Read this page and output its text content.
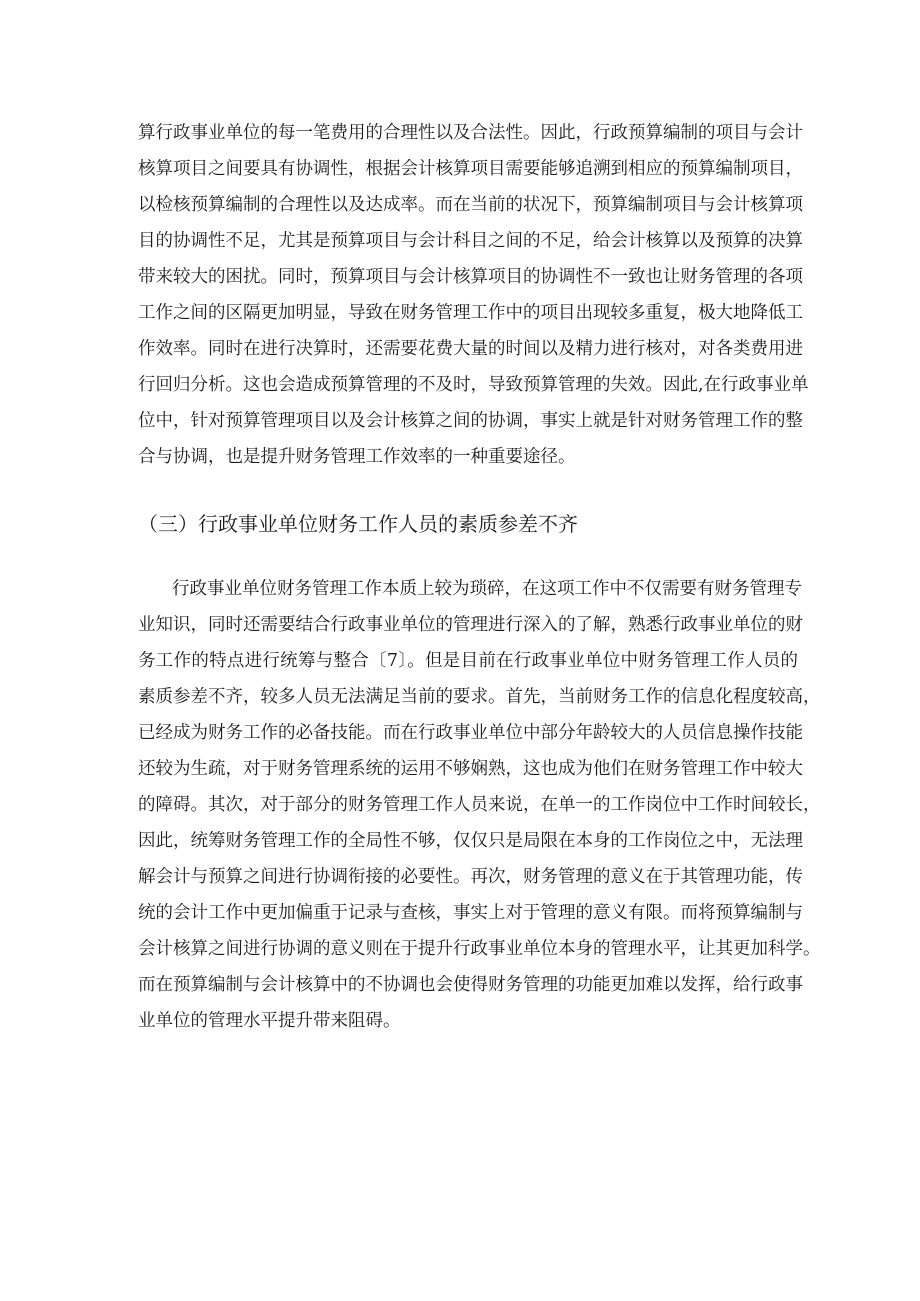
算行政事业单位的每一笔费用的合理性以及合法性。因此，行政预算编制的项目与会计
核算项目之间要具有协调性，根据会计核算项目需要能够追溯到相应的预算编制项目，
以检核预算编制的合理性以及达成率。而在当前的状况下，预算编制项目与会计核算项
目的协调性不足，尤其是预算项目与会计科目之间的不足，给会计核算以及预算的决算
带来较大的困扰。同时，预算项目与会计核算项目的协调性不一致也让财务管理的各项
工作之间的区隔更加明显，导致在财务管理工作中的项目出现较多重复，极大地降低工
作效率。同时在进行决算时，还需要花费大量的时间以及精力进行核对，对各类费用进
行回归分析。这也会造成预算管理的不及时，导致预算管理的失效。因此,在行政事业单
位中，针对预算管理项目以及会计核算之间的协调，事实上就是针对财务管理工作的整
合与协调，也是提升财务管理工作效率的一种重要途径。
（三）行政事业单位财务工作人员的素质参差不齐
行政事业单位财务管理工作本质上较为琐碎，在这项工作中不仅需要有财务管理专
业知识，同时还需要结合行政事业单位的管理进行深入的了解，熟悉行政事业单位的财
务工作的特点进行统筹与整合〔7〕。但是目前在行政事业单位中财务管理工作人员的
素质参差不齐，较多人员无法满足当前的要求。首先，当前财务工作的信息化程度较高，
已经成为财务工作的必备技能。而在行政事业单位中部分年龄较大的人员信息操作技能
还较为生疏，对于财务管理系统的运用不够娴熟，这也成为他们在财务管理工作中较大
的障碍。其次，对于部分的财务管理工作人员来说，在单一的工作岗位中工作时间较长，
因此，统筹财务管理工作的全局性不够，仅仅只是局限在本身的工作岗位之中，无法理
解会计与预算之间进行协调衔接的必要性。再次，财务管理的意义在于其管理功能，传
统的会计工作中更加偏重于记录与查核，事实上对于管理的意义有限。而将预算编制与
会计核算之间进行协调的意义则在于提升行政事业单位本身的管理水平，让其更加科学。
而在预算编制与会计核算中的不协调也会使得财务管理的功能更加难以发挥，给行政事
业单位的管理水平提升带来阻碍。
